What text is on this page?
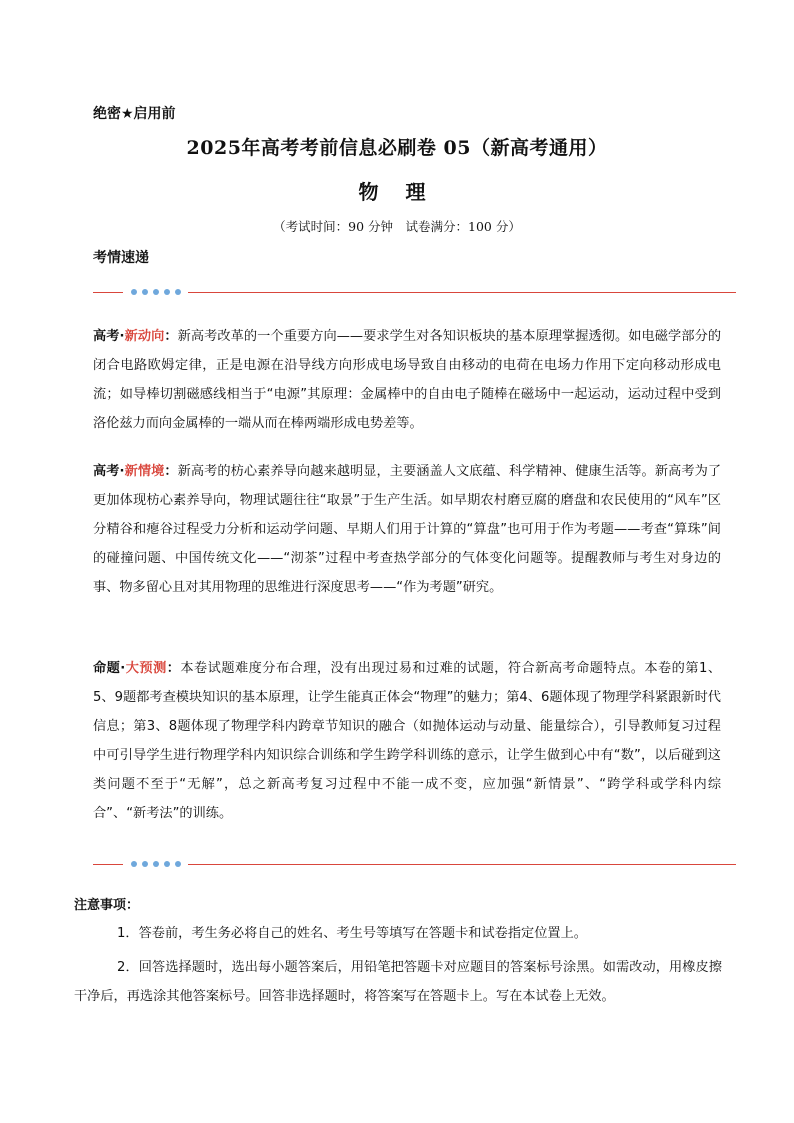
绝密★启用前
2025年高考考前信息必刷卷 05（新高考通用）
物 理
（考试时间：90 分钟　试卷满分：100 分）
考情速递

高考·新动向：新高考改革的一个重要方向——要求学生对各知识板块的基本原理掌握透彻。如电磁学部分的闭合电路欧姆定律，正是电源在沿导线方向形成电场导致自由移动的电荷在电场力作用下定向移动形成电流；如导棒切割磁感线相当于“电源”其原理：金属棒中的自由电子随棒在磁场中一起运动，运动过程中受到洛伦兹力而向金属棒的一端从而在棒两端形成电势差等。

高考·新情境：新高考的枋心素养导向越来越明显，主要涵盖人文底蕴、科学精神、健康生活等。新高考为了更加体现枋心素养导向，物理试题往往“取景”于生产生活。如早期农村磨豆腐的磨盘和农民使用的“风车”区分精谷和瘪谷过程受力分析和运动学问题、早期人们用于计算的“算盘”也可用于作为考题——考查“算珠”间的碰撞问题、中国传统文化——“沏茶”过程中考查热学部分的气体变化问题等。提醒教师与考生对身边的事、物多留心且对其用物理的思维进行深度思考——“作为考题”研究。

命题·大预测：本卷试题难度分布合理，没有出现过易和过难的试题，符合新高考命题特点。本卷的第1、5、9题都考查模块知识的基本原理，让学生能真正体会“物理”的魅力；第4、6题体现了物理学科紧跟新时代信息；第3、8题体现了物理学科内跨章节知识的融合（如抛体运动与动量、能量综合），引导教师复习过程中可引导学生进行物理学科内知识综合训练和学生跨学科训练的意示，让学生做到心中有“数”，以后碰到这类问题不至于“无解”，总之新高考复习过程中不能一成不变，应加强“新情景”、“跨学科或学科内综合”、“新考法”的训练。

注意事项：

1．答卷前，考生务必将自己的姓名、考生号等填写在答题卡和试卷指定位置上。

2．回答选择题时，选出每小题答案后，用铅笔把答题卡对应题目的答案标号涂黑。如需改动，用橡皮擦干净后，再选涂其他答案标号。回答非选择题时，将答案写在答题卡上。写在本试卷上无效。
